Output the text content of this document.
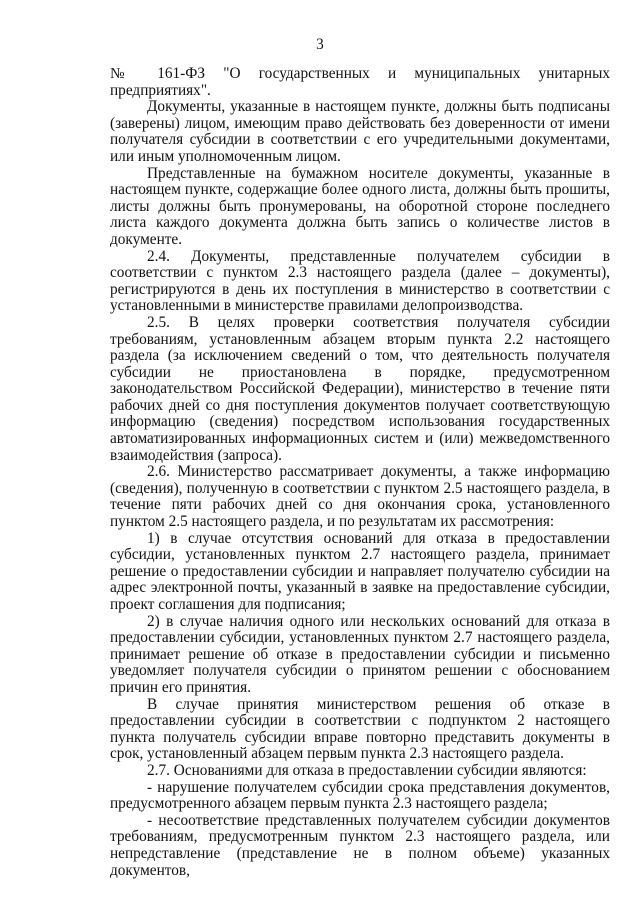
3

№ 161-ФЗ "О государственных и муниципальных унитарных предприятиях".

Документы, указанные в настоящем пункте, должны быть подписаны (заверены) лицом, имеющим право действовать без доверенности от имени получателя субсидии в соответствии с его учредительными документами, или иным уполномоченным лицом.

Представленные на бумажном носителе документы, указанные в настоящем пункте, содержащие более одного листа, должны быть прошиты, листы должны быть пронумерованы, на оборотной стороне последнего листа каждого документа должна быть запись о количестве листов в документе.

2.4. Документы, представленные получателем субсидии в соответствии с пунктом 2.3 настоящего раздела (далее – документы), регистрируются в день их поступления в министерство в соответствии с установленными в министерстве правилами делопроизводства.

2.5. В целях проверки соответствия получателя субсидии требованиям, установленным абзацем вторым пункта 2.2 настоящего раздела (за исключением сведений о том, что деятельность получателя субсидии не приостановлена в порядке, предусмотренном законодательством Российской Федерации), министерство в течение пяти рабочих дней со дня поступления документов получает соответствующую информацию (сведения) посредством использования государственных автоматизированных информационных систем и (или) межведомственного взаимодействия (запроса).

2.6. Министерство рассматривает документы, а также информацию (сведения), полученную в соответствии с пунктом 2.5 настоящего раздела, в течение пяти рабочих дней со дня окончания срока, установленного пунктом 2.5 настоящего раздела, и по результатам их рассмотрения:

1) в случае отсутствия оснований для отказа в предоставлении субсидии, установленных пунктом 2.7 настоящего раздела, принимает решение о предоставлении субсидии и направляет получателю субсидии на адрес электронной почты, указанный в заявке на предоставление субсидии, проект соглашения для подписания;

2) в случае наличия одного или нескольких оснований для отказа в предоставлении субсидии, установленных пунктом 2.7 настоящего раздела, принимает решение об отказе в предоставлении субсидии и письменно уведомляет получателя субсидии о принятом решении с обоснованием причин его принятия.

В случае принятия министерством решения об отказе в предоставлении субсидии в соответствии с подпунктом 2 настоящего пункта получатель субсидии вправе повторно представить документы в срок, установленный абзацем первым пункта 2.3 настоящего раздела.

2.7. Основаниями для отказа в предоставлении субсидии являются:

- нарушение получателем субсидии срока представления документов, предусмотренного абзацем первым пункта 2.3 настоящего раздела;

- несоответствие представленных получателем субсидии документов требованиям, предусмотренным пунктом 2.3 настоящего раздела, или непредставление (представление не в полном объеме) указанных документов,
